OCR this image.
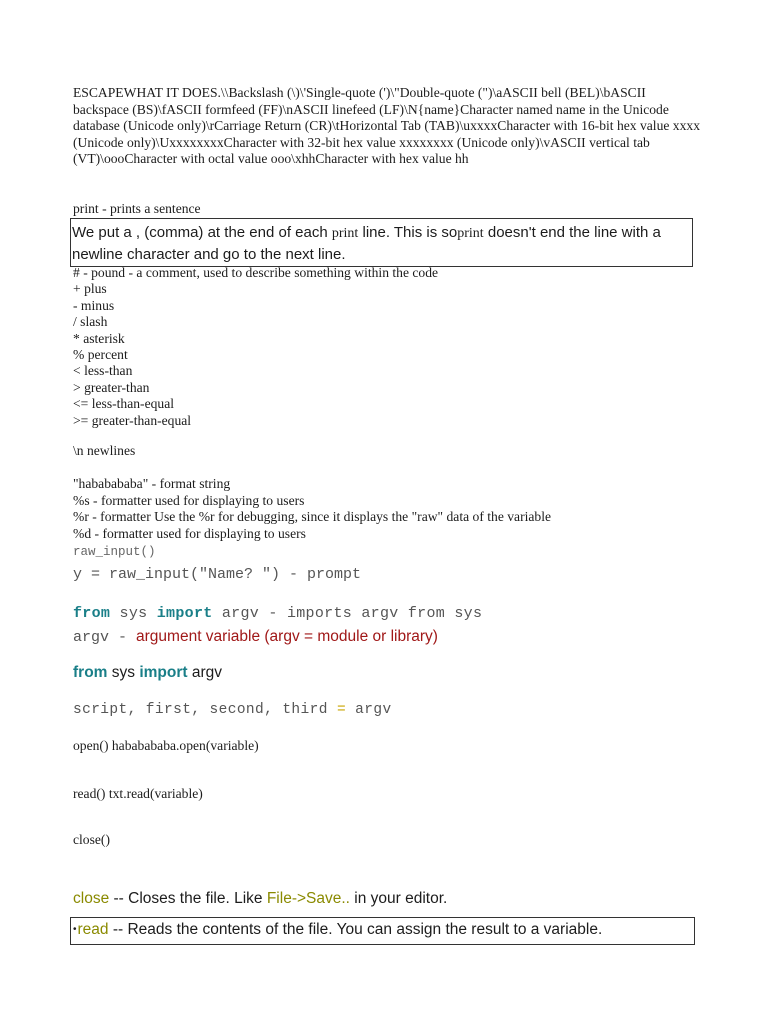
ESCAPEWHAT IT DOES.\\Backslash (\)\'Single-quote (')\"Double-quote (")\aASCII bell (BEL)\bASCII backspace (BS)\fASCII formfeed (FF)\nASCII linefeed (LF)\N{name}Character named name in the Unicode database (Unicode only)\rCarriage Return (CR)\tHorizontal Tab (TAB)\uxxxxCharacter with 16-bit hex value xxxx (Unicode only)\UxxxxxxxxCharacter with 32-bit hex value xxxxxxxx (Unicode only)\vASCII vertical tab (VT)\oooCharacter with octal value ooo\xhhCharacter with hex value hh
print - prints a sentence
We put a , (comma) at the end of each print line. This is soprint doesn't end the line with a newline character and go to the next line.
# - pound - a comment, used to describe something within the code
+ plus
- minus
/ slash
* asterisk
% percent
< less-than
> greater-than
<= less-than-equal
>= greater-than-equal
\n newlines
"hababababa" - format string
%s - formatter used for displaying to users
%r - formatter Use the %r for debugging, since it displays the "raw" data of the variable
%d - formatter used for displaying to users
raw_input()
y = raw_input("Name? ") - prompt
from sys import argv - imports argv from sys
argv - argument variable (argv = module or library)
from sys import argv
script, first, second, third = argv
open() hababababa.open(variable)
read() txt.read(variable)
close()
close -- Closes the file. Like File->Save.. in your editor.
•read -- Reads the contents of the file. You can assign the result to a variable.
